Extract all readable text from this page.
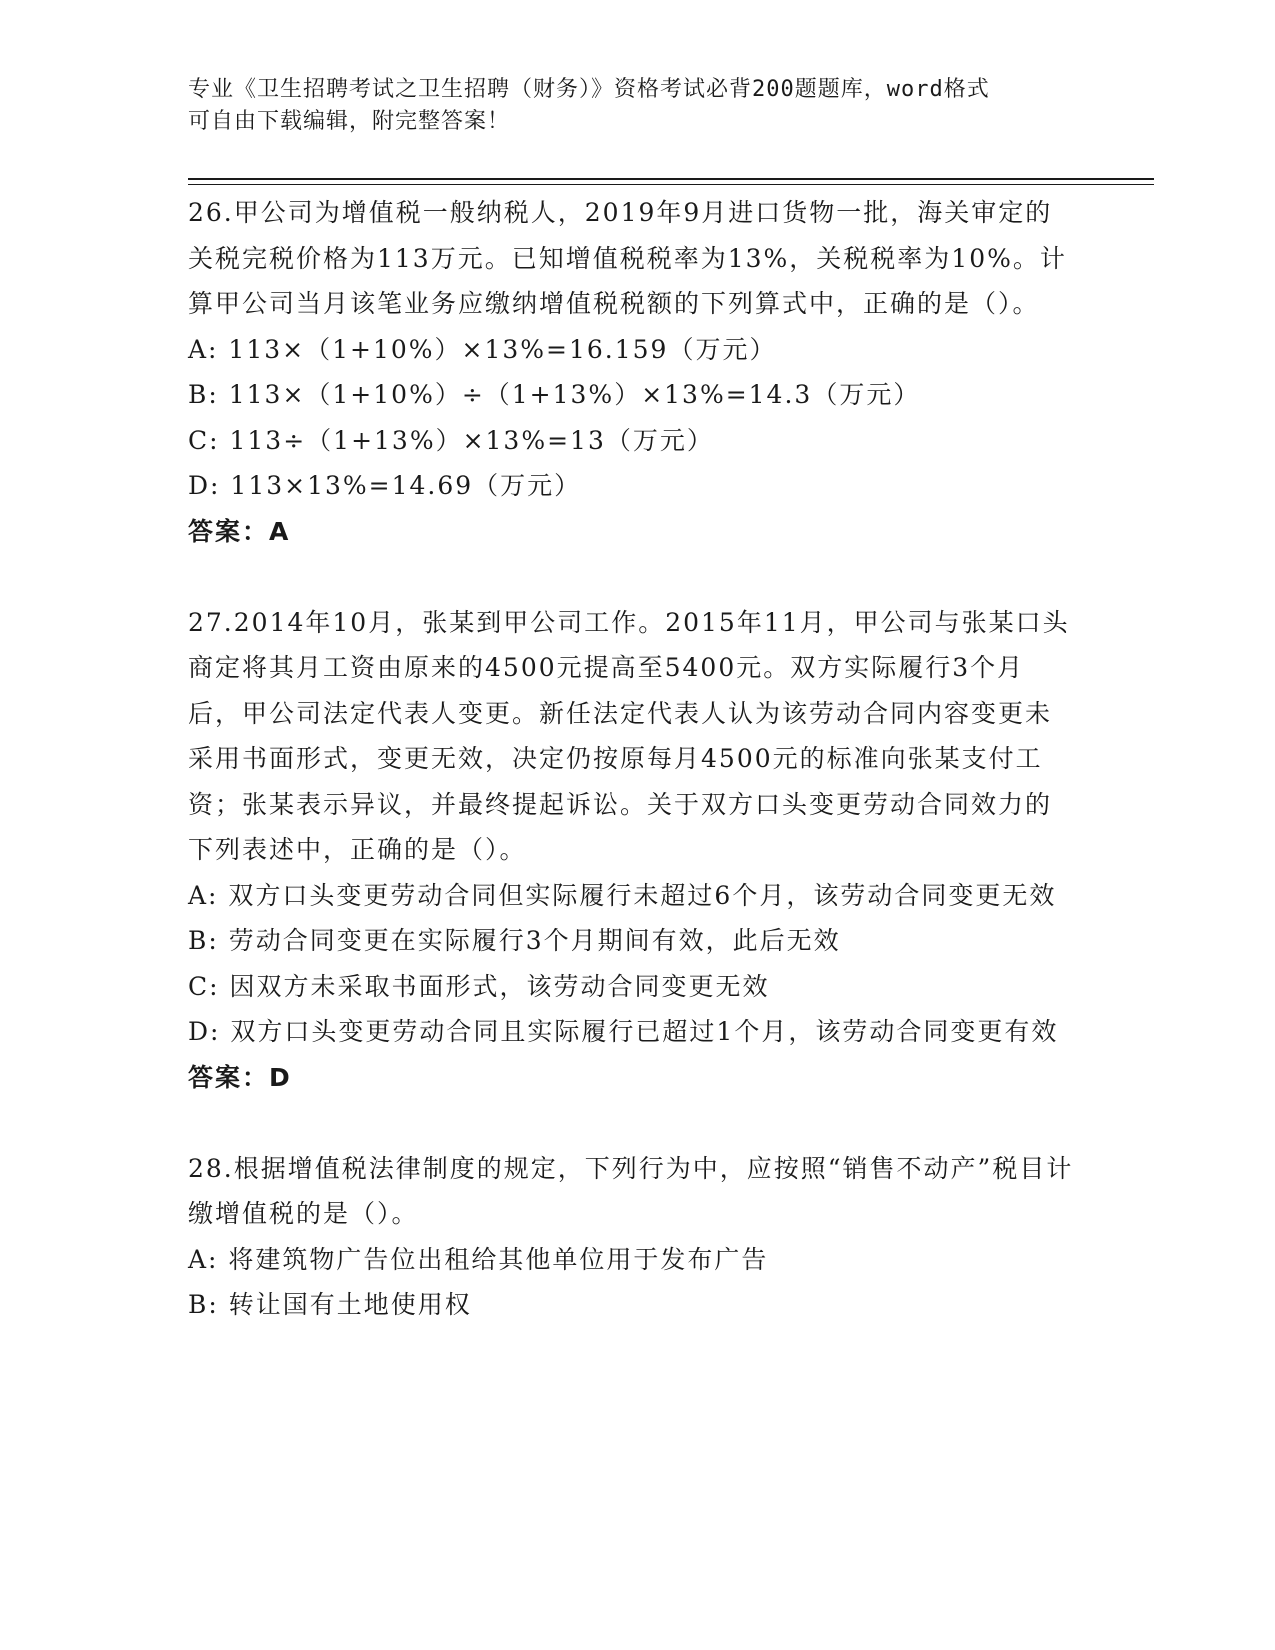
专业《卫生招聘考试之卫生招聘（财务）》资格考试必背200题题库，word格式
可自由下载编辑，附完整答案！

26.甲公司为增值税一般纳税人，2019年9月进口货物一批，海关审定的关税完税价格为113万元。已知增值税税率为13%，关税税率为10%。计算甲公司当月该笔业务应缴纳增值税税额的下列算式中，正确的是（）。

A: 113×（1+10%）×13%=16.159（万元）

B: 113×（1+10%）÷（1+13%）×13%=14.3（万元）

C: 113÷（1+13%）×13%=13（万元）

D: 113×13%=14.69（万元）

答案：A

27.2014年10月，张某到甲公司工作。2015年11月，甲公司与张某口头商定将其月工资由原来的4500元提高至5400元。双方实际履行3个月后，甲公司法定代表人变更。新任法定代表人认为该劳动合同内容变更未采用书面形式，变更无效，决定仍按原每月4500元的标准向张某支付工资；张某表示异议，并最终提起诉讼。关于双方口头变更劳动合同效力的下列表述中，正确的是（）。

A: 双方口头变更劳动合同但实际履行未超过6个月，该劳动合同变更无效

B: 劳动合同变更在实际履行3个月期间有效，此后无效

C: 因双方未采取书面形式，该劳动合同变更无效

D: 双方口头变更劳动合同且实际履行已超过1个月，该劳动合同变更有效

答案：D

28.根据增值税法律制度的规定，下列行为中，应按照“销售不动产”税目计缴增值税的是（）。

A: 将建筑物广告位出租给其他单位用于发布广告

B: 转让国有土地使用权
